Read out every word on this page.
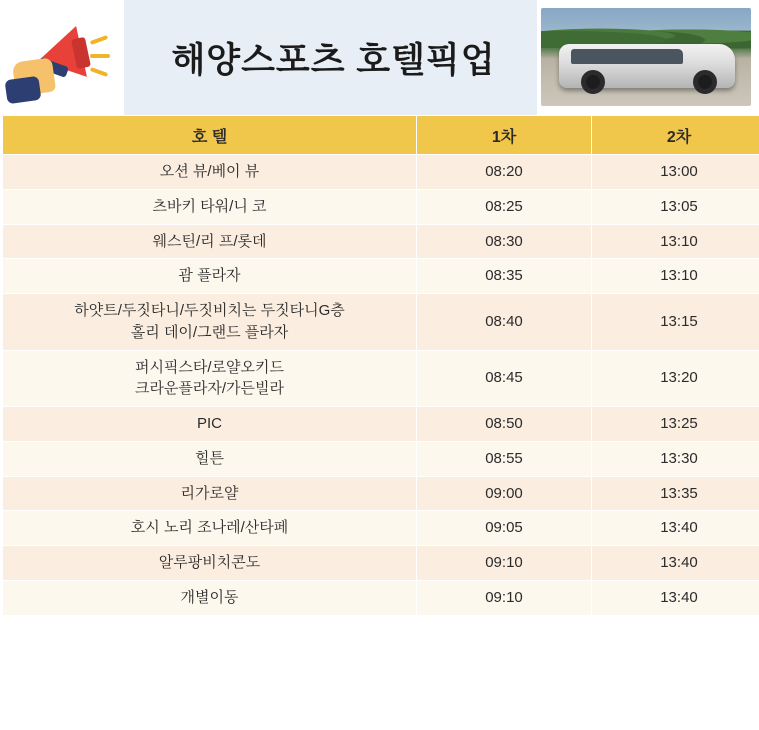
해양스포츠 호텔픽업
호 텔	1차	2차

오션 뷰/베이 뷰	08:20	13:00

츠바키 타워/니 코	08:25	13:05

웨스틴/리 프/롯데	08:30	13:10

괌 플라자	08:35	13:10

하얏트/두짓타니/두짓비치는 두짓타니G층
홀리 데이/그랜드 플라자	08:40	13:15

퍼시픽스타/로얄오키드
크라운플라자/가든빌라	08:45	13:20

PIC	08:50	13:25

힐튼	08:55	13:30

리가로얄	09:00	13:35

호시 노리 조나레/산타페	09:05	13:40

알루팡비치콘도	09:10	13:40

개별이동	09:10	13:40
